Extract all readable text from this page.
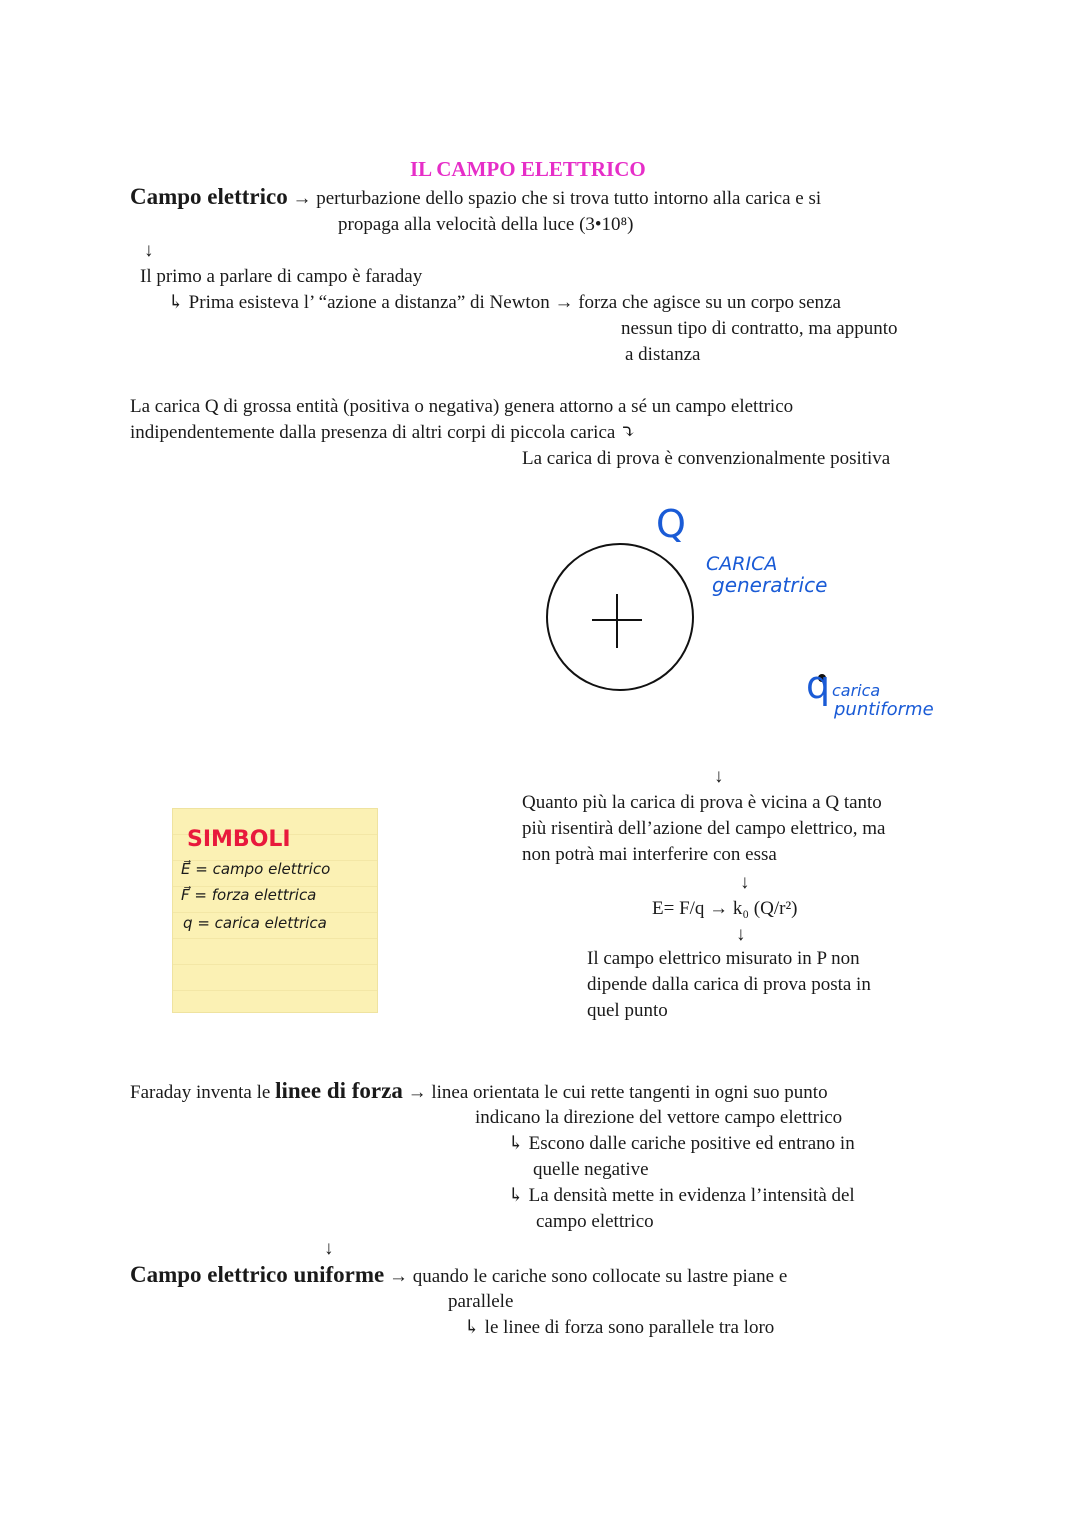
IL CAMPO ELETTRICO
Campo elettrico → perturbazione dello spazio che si trova tutto intorno alla carica e si
propaga alla velocità della luce (3•10⁸)
↓
Il primo a parlare di campo è faraday
↳ Prima esisteva l’ “azione a distanza” di Newton → forza che agisce su un corpo senza
nessun tipo di contratto, ma appunto
a distanza
La carica Q di grossa entità (positiva o negativa) genera attorno a sé un campo elettrico
indipendentemente dalla presenza di altri corpi di piccola carica ⤵
La carica di prova è convenzionalmente positiva
Q
CARICA
generatrice
q carica
puntiforme
↓
Quanto più la carica di prova è vicina a Q tanto
più risentirà dell’azione del campo elettrico, ma
non potrà mai interferire con essa
↓
E= F/q → k₀ (Q/r²)
↓
Il campo elettrico misurato in P non
dipende dalla carica di prova posta in
quel punto
SIMBOLI
E⃗ = campo elettrico
F⃗ = forza elettrica
q = carica elettrica
Faraday inventa le linee di forza → linea orientata le cui rette tangenti in ogni suo punto
indicano la direzione del vettore campo elettrico
↳ Escono dalle cariche positive ed entrano in
quelle negative
↳ La densità mette in evidenza l’intensità del
campo elettrico
↓
Campo elettrico uniforme → quando le cariche sono collocate su lastre piane e
parallele
↳ le linee di forza sono parallele tra loro
